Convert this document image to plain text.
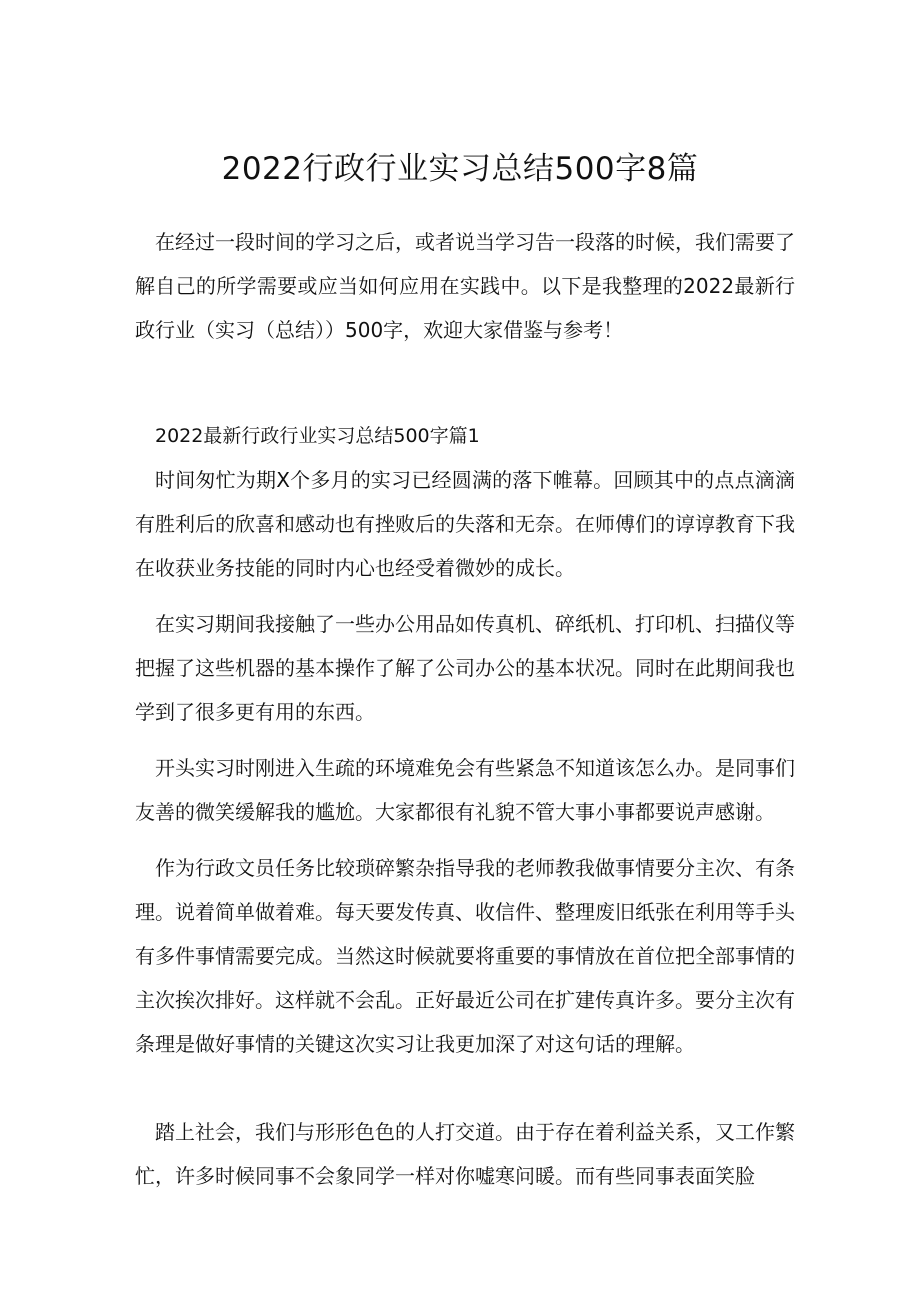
2022行政行业实习总结500字8篇

在经过一段时间的学习之后，或者说当学习告一段落的时候，我们需要了解自己的所学需要或应当如何应用在实践中。以下是我整理的2022最新行政行业（实习（总结））500字，欢迎大家借鉴与参考！

2022最新行政行业实习总结500字篇1

时间匆忙为期X个多月的实习已经圆满的落下帷幕。回顾其中的点点滴滴有胜利后的欣喜和感动也有挫败后的失落和无奈。在师傅们的谆谆教育下我在收获业务技能的同时内心也经受着微妙的成长。

在实习期间我接触了一些办公用品如传真机、碎纸机、打印机、扫描仪等把握了这些机器的基本操作了解了公司办公的基本状况。同时在此期间我也学到了很多更有用的东西。

开头实习时刚进入生疏的环境难免会有些紧急不知道该怎么办。是同事们友善的微笑缓解我的尴尬。大家都很有礼貌不管大事小事都要说声感谢。

作为行政文员任务比较琐碎繁杂指导我的老师教我做事情要分主次、有条理。说着简单做着难。每天要发传真、收信件、整理废旧纸张在利用等手头有多件事情需要完成。当然这时候就要将重要的事情放在首位把全部事情的主次挨次排好。这样就不会乱。正好最近公司在扩建传真许多。要分主次有条理是做好事情的关键这次实习让我更加深了对这句话的理解。

踏上社会，我们与形形色色的人打交道。由于存在着利益关系，又工作繁忙，许多时候同事不会象同学一样对你嘘寒问暖。而有些同事表面笑脸
